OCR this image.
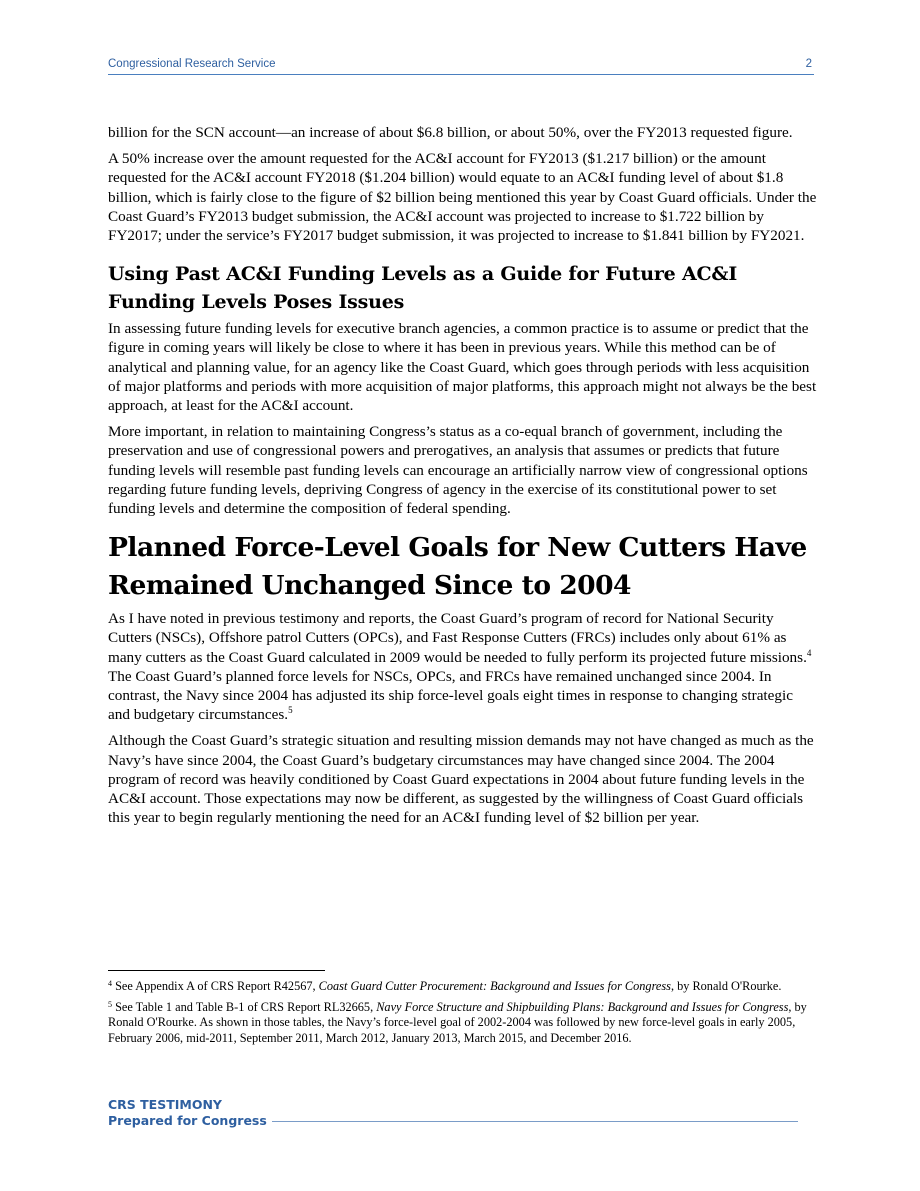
Congressional Research Service	2

billion for the SCN account—an increase of about $6.8 billion, or about 50%, over the FY2013 requested figure.

A 50% increase over the amount requested for the AC&I account for FY2013 ($1.217 billion) or the amount requested for the AC&I account FY2018 ($1.204 billion) would equate to an AC&I funding level of about $1.8 billion, which is fairly close to the figure of $2 billion being mentioned this year by Coast Guard officials. Under the Coast Guard’s FY2013 budget submission, the AC&I account was projected to increase to $1.722 billion by FY2017; under the service’s FY2017 budget submission, it was projected to increase to $1.841 billion by FY2021.

Using Past AC&I Funding Levels as a Guide for Future AC&I Funding Levels Poses Issues

In assessing future funding levels for executive branch agencies, a common practice is to assume or predict that the figure in coming years will likely be close to where it has been in previous years. While this method can be of analytical and planning value, for an agency like the Coast Guard, which goes through periods with less acquisition of major platforms and periods with more acquisition of major platforms, this approach might not always be the best approach, at least for the AC&I account.

More important, in relation to maintaining Congress’s status as a co-equal branch of government, including the preservation and use of congressional powers and prerogatives, an analysis that assumes or predicts that future funding levels will resemble past funding levels can encourage an artificially narrow view of congressional options regarding future funding levels, depriving Congress of agency in the exercise of its constitutional power to set funding levels and determine the composition of federal spending.

Planned Force-Level Goals for New Cutters Have Remained Unchanged Since to 2004

As I have noted in previous testimony and reports, the Coast Guard’s program of record for National Security Cutters (NSCs), Offshore patrol Cutters (OPCs), and Fast Response Cutters (FRCs) includes only about 61% as many cutters as the Coast Guard calculated in 2009 would be needed to fully perform its projected future missions.$^4$ The Coast Guard’s planned force levels for NSCs, OPCs, and FRCs have remained unchanged since 2004. In contrast, the Navy since 2004 has adjusted its ship force-level goals eight times in response to changing strategic and budgetary circumstances.$^5$

Although the Coast Guard’s strategic situation and resulting mission demands may not have changed as much as the Navy’s have since 2004, the Coast Guard’s budgetary circumstances may have changed since 2004. The 2004 program of record was heavily conditioned by Coast Guard expectations in 2004 about future funding levels in the AC&I account. Those expectations may now be different, as suggested by the willingness of Coast Guard officials this year to begin regularly mentioning the need for an AC&I funding level of $2 billion per year.

$^4$ See Appendix A of CRS Report R42567, Coast Guard Cutter Procurement: Background and Issues for Congress, by Ronald O'Rourke.

$^5$ See Table 1 and Table B-1 of CRS Report RL32665, Navy Force Structure and Shipbuilding Plans: Background and Issues for Congress, by Ronald O'Rourke. As shown in those tables, the Navy’s force-level goal of 2002-2004 was followed by new force-level goals in early 2005, February 2006, mid-2011, September 2011, March 2012, January 2013, March 2015, and December 2016.

CRS TESTIMONY
Prepared for Congress
